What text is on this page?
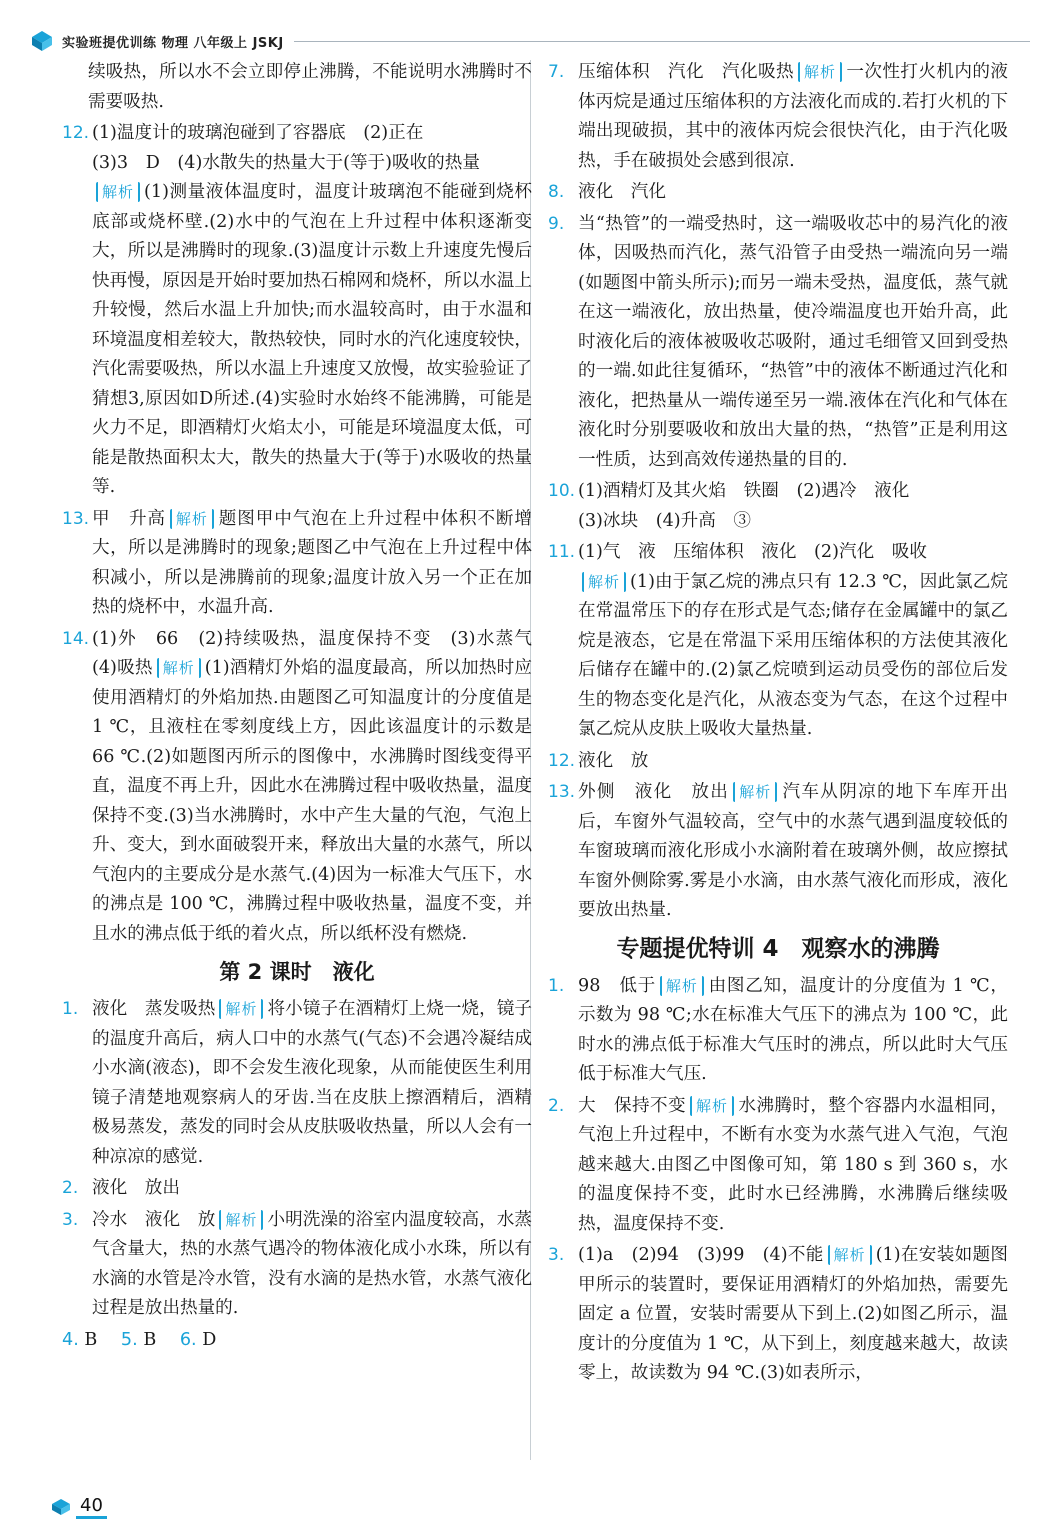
实验班提优训练 物理 八年级上 JSKJ
续吸热，所以水不会立即停止沸腾，不能说明水沸腾时不需要吸热.
12. (1)温度计的玻璃泡碰到了容器底　(2)正在
(3)3　D　(4)水散失的热量大于(等于)吸收的热量
解析 (1)测量液体温度时，温度计玻璃泡不能碰到烧杯底部或烧杯壁.(2)水中的气泡在上升过程中体积逐渐变大，所以是沸腾时的现象.(3)温度计示数上升速度先慢后快再慢，原因是开始时要加热石棉网和烧杯，所以水温上升较慢，然后水温上升加快;而水温较高时，由于水温和环境温度相差较大，散热较快，同时水的汽化速度较快，汽化需要吸热，所以水温上升速度又放慢，故实验验证了猜想3,原因如D所述.(4)实验时水始终不能沸腾，可能是火力不足，即酒精灯火焰太小，可能是环境温度太低，可能是散热面积太大，散失的热量大于(等于)水吸收的热量等.
13. 甲　升高 解析 题图甲中气泡在上升过程中体积不断增大，所以是沸腾时的现象;题图乙中气泡在上升过程中体积减小，所以是沸腾前的现象;温度计放入另一个正在加热的烧杯中，水温升高.
14. (1)外　66　(2)持续吸热，温度保持不变　(3)水蒸气　(4)吸热 解析 (1)酒精灯外焰的温度最高，所以加热时应使用酒精灯的外焰加热.由题图乙可知温度计的分度值是 1 ℃，且液柱在零刻度线上方，因此该温度计的示数是 66 ℃.(2)如题图丙所示的图像中，水沸腾时图线变得平直，温度不再上升，因此水在沸腾过程中吸收热量，温度保持不变.(3)当水沸腾时，水中产生大量的气泡，气泡上升、变大，到水面破裂开来，释放出大量的水蒸气，所以气泡内的主要成分是水蒸气.(4)因为一标准大气压下，水的沸点是 100 ℃，沸腾过程中吸收热量，温度不变，并且水的沸点低于纸的着火点，所以纸杯没有燃烧.
第 2 课时　液化
1. 液化　蒸发吸热 解析 将小镜子在酒精灯上烧一烧，镜子的温度升高后，病人口中的水蒸气(气态)不会遇冷凝结成小水滴(液态)，即不会发生液化现象，从而能使医生利用镜子清楚地观察病人的牙齿.当在皮肤上擦酒精后，酒精极易蒸发，蒸发的同时会从皮肤吸收热量，所以人会有一种凉凉的感觉.
2. 液化　放出
3. 冷水　液化　放 解析 小明洗澡的浴室内温度较高，水蒸气含量大，热的水蒸气遇冷的物体液化成小水珠，所以有水滴的水管是冷水管，没有水滴的是热水管，水蒸气液化过程是放出热量的.
4. B 5. B 6. D
7. 压缩体积　汽化　汽化吸热 解析 一次性打火机内的液体丙烷是通过压缩体积的方法液化而成的.若打火机的下端出现破损，其中的液体丙烷会很快汽化，由于汽化吸热，手在破损处会感到很凉.
8. 液化　汽化
9. 当“热管”的一端受热时，这一端吸收芯中的易汽化的液体，因吸热而汽化，蒸气沿管子由受热一端流向另一端(如题图中箭头所示);而另一端未受热，温度低，蒸气就在这一端液化，放出热量，使冷端温度也开始升高，此时液化后的液体被吸收芯吸附，通过毛细管又回到受热的一端.如此往复循环，“热管”中的液体不断通过汽化和液化，把热量从一端传递至另一端.液体在汽化和气体在液化时分别要吸收和放出大量的热，“热管”正是利用这一性质，达到高效传递热量的目的.
10. (1)酒精灯及其火焰　铁圈　(2)遇冷　液化
(3)冰块　(4)升高　③
11. (1)气　液　压缩体积　液化　(2)汽化　吸收
解析 (1)由于氯乙烷的沸点只有 12.3 ℃，因此氯乙烷在常温常压下的存在形式是气态;储存在金属罐中的氯乙烷是液态，它是在常温下采用压缩体积的方法使其液化后储存在罐中的.(2)氯乙烷喷到运动员受伤的部位后发生的物态变化是汽化，从液态变为气态，在这个过程中氯乙烷从皮肤上吸收大量热量.
12. 液化　放
13. 外侧　液化　放出 解析 汽车从阴凉的地下车库开出后，车窗外气温较高，空气中的水蒸气遇到温度较低的车窗玻璃而液化形成小水滴附着在玻璃外侧，故应擦拭车窗外侧除雾.雾是小水滴，由水蒸气液化而形成，液化要放出热量.
专题提优特训 4　观察水的沸腾
1. 98　低于 解析 由图乙知，温度计的分度值为 1 ℃，示数为 98 ℃;水在标准大气压下的沸点为 100 ℃，此时水的沸点低于标准大气压时的沸点，所以此时大气压低于标准大气压.
2. 大　保持不变 解析 水沸腾时，整个容器内水温相同，气泡上升过程中，不断有水变为水蒸气进入气泡，气泡越来越大.由图乙中图像可知，第 180 s 到 360 s，水的温度保持不变，此时水已经沸腾，水沸腾后继续吸热，温度保持不变.
3. (1)a　(2)94　(3)99　(4)不能 解析 (1)在安装如题图甲所示的装置时，要保证用酒精灯的外焰加热，需要先固定 a 位置，安装时需要从下到上.(2)如图乙所示，温度计的分度值为 1 ℃，从下到上，刻度越来越大，故读零上，故读数为 94 ℃.(3)如表所示，
40
